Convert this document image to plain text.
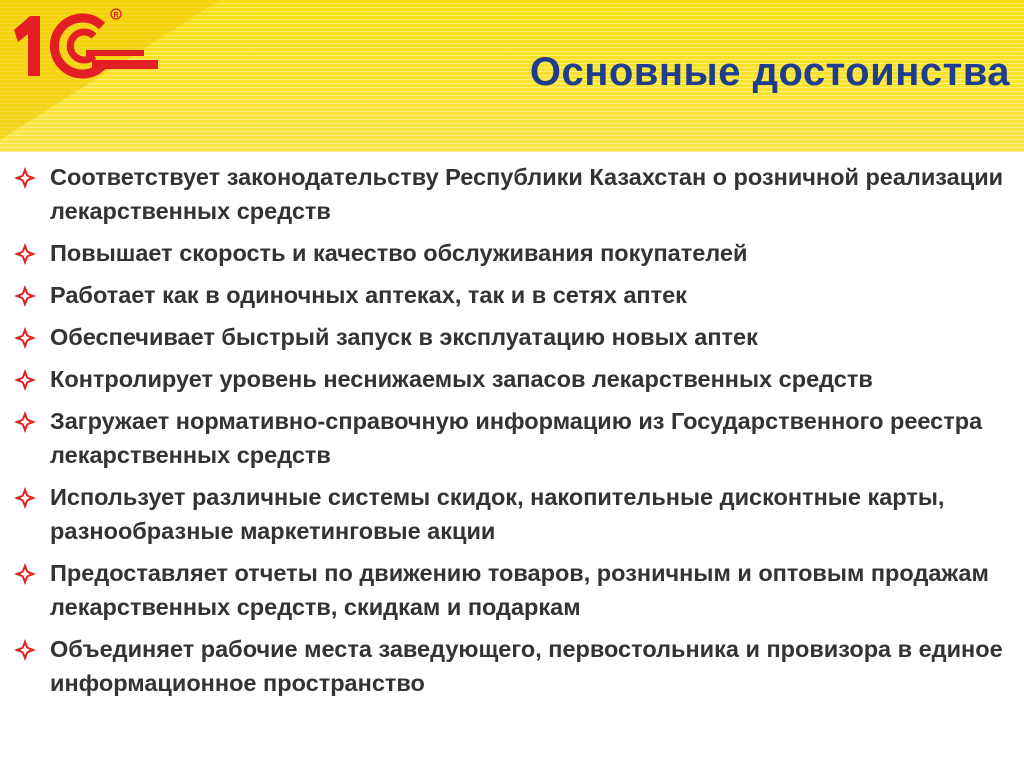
R
Основные достоинства
Соответствует законодательству Республики Казахстан о розничной реализации лекарственных средств
Повышает скорость и качество обслуживания покупателей
Работает как в одиночных аптеках, так и в сетях аптек
Обеспечивает быстрый запуск в эксплуатацию новых аптек
Контролирует уровень неснижаемых запасов лекарственных средств
Загружает нормативно-справочную информацию из Государственного реестра лекарственных средств
Использует различные системы скидок, накопительные дисконтные карты, разнообразные маркетинговые акции
Предоставляет отчеты по движению товаров, розничным и оптовым продажам лекарственных средств, скидкам и подаркам
Объединяет рабочие места заведующего, первостольника и провизора в единое информационное пространство
